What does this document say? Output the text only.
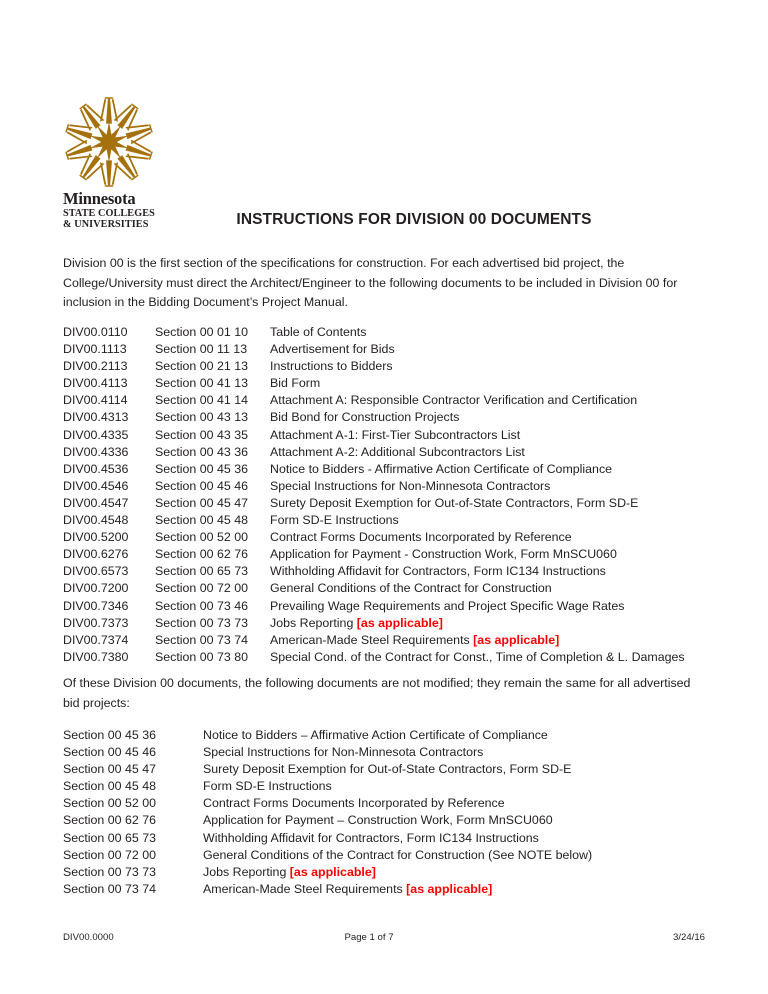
Minnesota
STATE COLLEGES
& UNIVERSITIES	INSTRUCTIONS FOR DIVISION 00 DOCUMENTS
Division 00 is the first section of the specifications for construction. For each advertised bid project, the College/University must direct the Architect/Engineer to the following documents to be included in Division 00 for inclusion in the Bidding Document’s Project Manual.
DIV00.0110	Section 00 01 10	Table of Contents
DIV00.1113	Section 00 11 13	Advertisement for Bids
DIV00.2113	Section 00 21 13	Instructions to Bidders
DIV00.4113	Section 00 41 13	Bid Form
DIV00.4114	Section 00 41 14	Attachment A: Responsible Contractor Verification and Certification
DIV00.4313	Section 00 43 13	Bid Bond for Construction Projects
DIV00.4335	Section 00 43 35	Attachment A-1: First-Tier Subcontractors List
DIV00.4336	Section 00 43 36	Attachment A-2: Additional Subcontractors List
DIV00.4536	Section 00 45 36	Notice to Bidders - Affirmative Action Certificate of Compliance
DIV00.4546	Section 00 45 46	Special Instructions for Non-Minnesota Contractors
DIV00.4547	Section 00 45 47	Surety Deposit Exemption for Out-of-State Contractors, Form SD-E
DIV00.4548	Section 00 45 48	Form SD-E Instructions
DIV00.5200	Section 00 52 00	Contract Forms Documents Incorporated by Reference
DIV00.6276	Section 00 62 76	Application for Payment - Construction Work, Form MnSCU060
DIV00.6573	Section 00 65 73	Withholding Affidavit for Contractors, Form IC134 Instructions
DIV00.7200	Section 00 72 00	General Conditions of the Contract for Construction
DIV00.7346	Section 00 73 46	Prevailing Wage Requirements and Project Specific Wage Rates
DIV00.7373	Section 00 73 73	Jobs Reporting [as applicable]
DIV00.7374	Section 00 73 74	American-Made Steel Requirements [as applicable]
DIV00.7380	Section 00 73 80	Special Cond. of the Contract for Const., Time of Completion & L. Damages
Of these Division 00 documents, the following documents are not modified; they remain the same for all advertised bid projects:
Section 00 45 36	Notice to Bidders – Affirmative Action Certificate of Compliance
Section 00 45 46	Special Instructions for Non-Minnesota Contractors
Section 00 45 47	Surety Deposit Exemption for Out-of-State Contractors, Form SD-E
Section 00 45 48	Form SD-E Instructions
Section 00 52 00	Contract Forms Documents Incorporated by Reference
Section 00 62 76	Application for Payment – Construction Work, Form MnSCU060
Section 00 65 73	Withholding Affidavit for Contractors, Form IC134 Instructions
Section 00 72 00	General Conditions of the Contract for Construction (See NOTE below)
Section 00 73 73	Jobs Reporting [as applicable]
Section 00 73 74	American-Made Steel Requirements [as applicable]
DIV00.0000	Page 1 of 7	3/24/16
